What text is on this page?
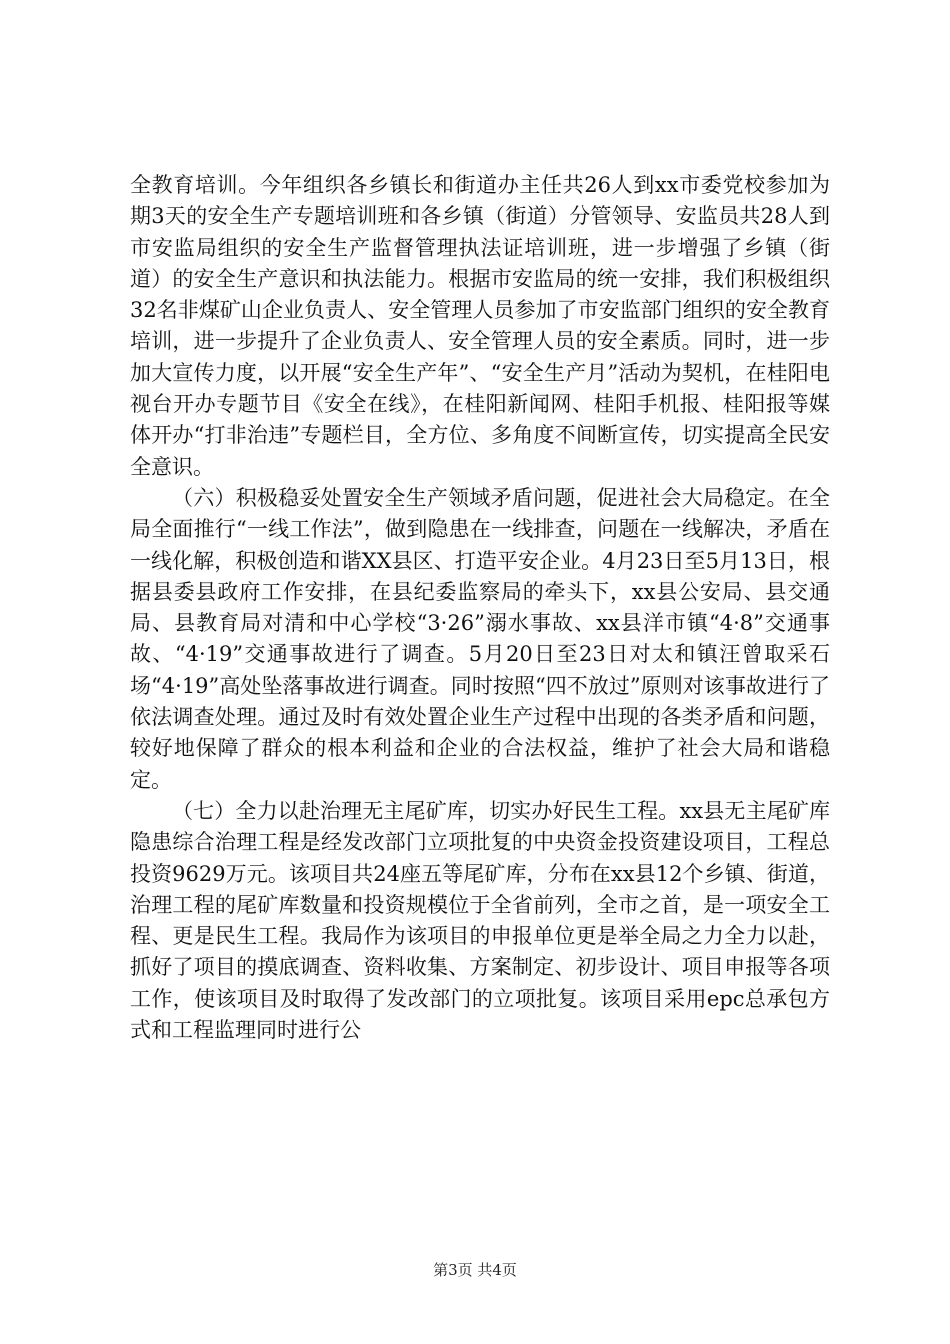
全教育培训。今年组织各乡镇长和街道办主任共26人到xx市委党校参加为期3天的安全生产专题培训班和各乡镇（街道）分管领导、安监员共28人到市安监局组织的安全生产监督管理执法证培训班，进一步增强了乡镇（街道）的安全生产意识和执法能力。根据市安监局的统一安排，我们积极组织32名非煤矿山企业负责人、安全管理人员参加了市安监部门组织的安全教育培训，进一步提升了企业负责人、安全管理人员的安全素质。同时，进一步加大宣传力度，以开展“安全生产年”、“安全生产月”活动为契机，在桂阳电视台开办专题节目《安全在线》，在桂阳新闻网、桂阳手机报、桂阳报等媒体开办“打非治违”专题栏目，全方位、多角度不间断宣传，切实提高全民安全意识。

（六）积极稳妥处置安全生产领域矛盾问题，促进社会大局稳定。在全局全面推行“一线工作法”，做到隐患在一线排查，问题在一线解决，矛盾在一线化解，积极创造和谐XX县区、打造平安企业。4月23日至5月13日，根据县委县政府工作安排，在县纪委监察局的牵头下，xx县公安局、县交通局、县教育局对清和中心学校“3·26”溺水事故、xx县洋市镇“4·8”交通事故、“4·19”交通事故进行了调查。5月20日至23日对太和镇汪曾取采石场“4·19”高处坠落事故进行调查。同时按照“四不放过”原则对该事故进行了依法调查处理。通过及时有效处置企业生产过程中出现的各类矛盾和问题，较好地保障了群众的根本利益和企业的合法权益，维护了社会大局和谐稳定。

（七）全力以赴治理无主尾矿库，切实办好民生工程。xx县无主尾矿库隐患综合治理工程是经发改部门立项批复的中央资金投资建设项目，工程总投资9629万元。该项目共24座五等尾矿库，分布在xx县12个乡镇、街道，治理工程的尾矿库数量和投资规模位于全省前列，全市之首，是一项安全工程、更是民生工程。我局作为该项目的申报单位更是举全局之力全力以赴，抓好了项目的摸底调查、资料收集、方案制定、初步设计、项目申报等各项工作，使该项目及时取得了发改部门的立项批复。该项目采用epc总承包方式和工程监理同时进行公

第3页 共4页
